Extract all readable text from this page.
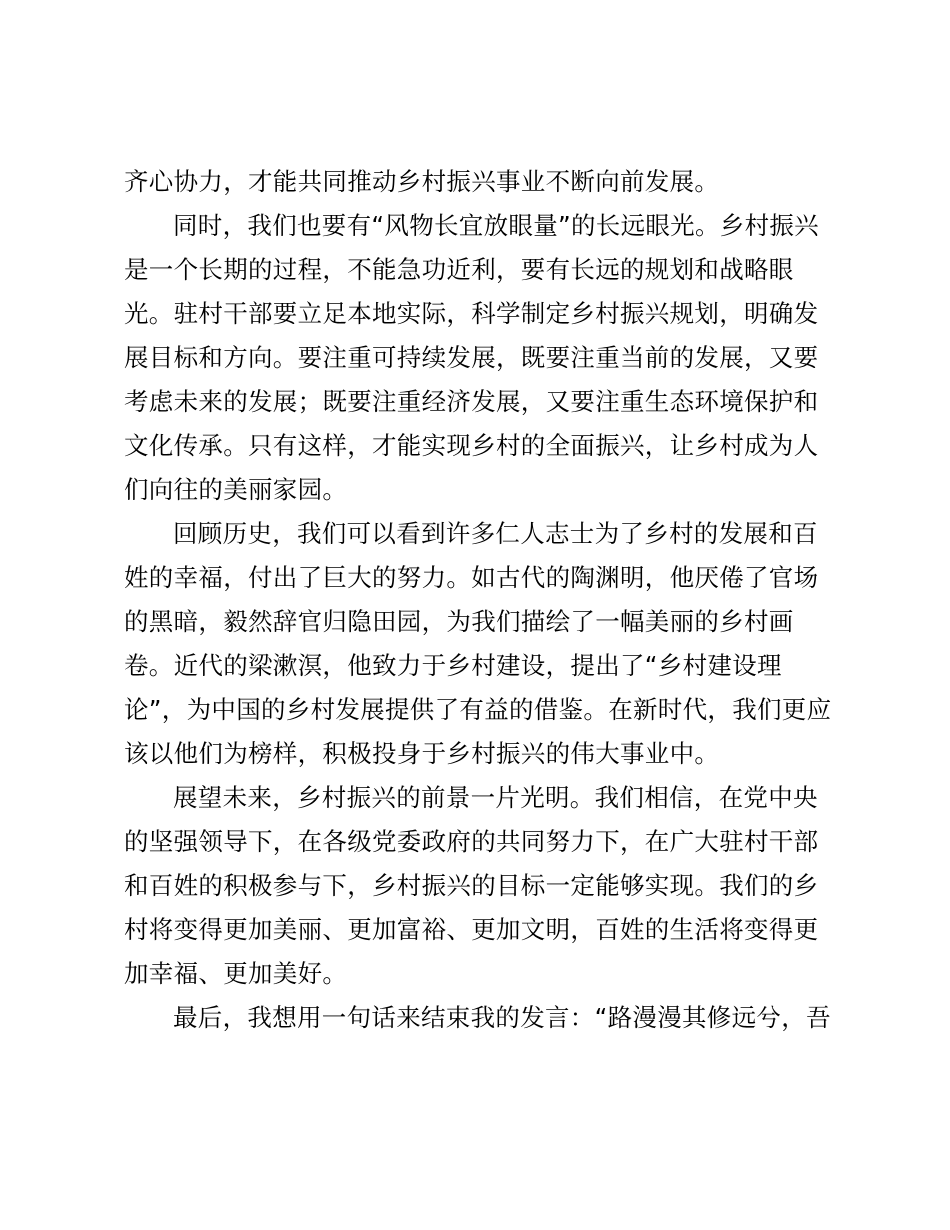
齐心协力，才能共同推动乡村振兴事业不断向前发展。
同时，我们也要有“风物长宜放眼量”的长远眼光。乡村振兴
是一个长期的过程，不能急功近利，要有长远的规划和战略眼
光。驻村干部要立足本地实际，科学制定乡村振兴规划，明确发
展目标和方向。要注重可持续发展，既要注重当前的发展，又要
考虑未来的发展；既要注重经济发展，又要注重生态环境保护和
文化传承。只有这样，才能实现乡村的全面振兴，让乡村成为人
们向往的美丽家园。
回顾历史，我们可以看到许多仁人志士为了乡村的发展和百
姓的幸福，付出了巨大的努力。如古代的陶渊明，他厌倦了官场
的黑暗，毅然辞官归隐田园，为我们描绘了一幅美丽的乡村画
卷。近代的梁漱溟，他致力于乡村建设，提出了“乡村建设理
论”，为中国的乡村发展提供了有益的借鉴。在新时代，我们更应
该以他们为榜样，积极投身于乡村振兴的伟大事业中。
展望未来，乡村振兴的前景一片光明。我们相信，在党中央
的坚强领导下，在各级党委政府的共同努力下，在广大驻村干部
和百姓的积极参与下，乡村振兴的目标一定能够实现。我们的乡
村将变得更加美丽、更加富裕、更加文明，百姓的生活将变得更
加幸福、更加美好。
最后，我想用一句话来结束我的发言：“路漫漫其修远兮，吾
